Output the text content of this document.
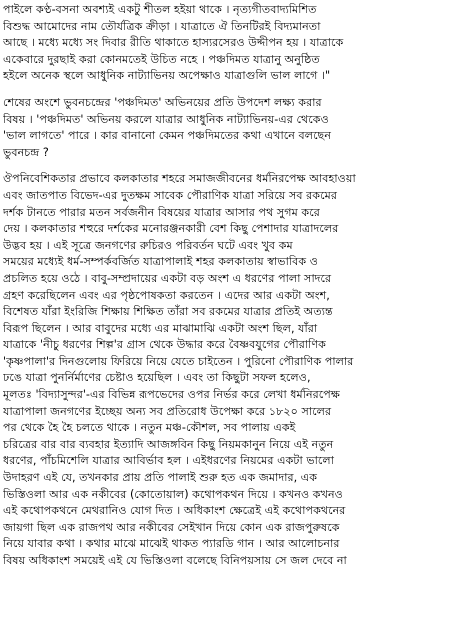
পাইলে কণ্ঠ-বসনা অবশ্যই একটু শীতল হইয়া থাকে । নৃত্যগীতবাদ্যমিশিত
বিশুদ্ধ আমোদের নাম তৌর্যত্রিক ক্রীড়া । যাত্রাতে ঐ তিনটিরই বিদ্যমানতা
আছে । মধ্যে মধ্যে সং দিবার রীতি থাকাতে হাস্যরসেরও উদ্দীপন হয় । যাত্রাকে
একেবারে দুরছাই করা কোনমতেই উচিত নহে । পঞ্চদিমত যাত্রানু অনুষ্ঠিত
হইলে অনেক স্থলে আধুনিক নাট্যাভিনয় অপেক্ষাও যাত্রাগুলি ভাল লাগে ।"
শেষের অংশে ভুবনচন্দ্রের 'পঞ্চদিমত' অভিনয়ের প্রতি উপদেশ লক্ষ্য করার
বিষয় । 'পঞ্চদিমত' অভিনয় করলে যাত্রার আধুনিক নাট্যাভিনয়-এর থেকেও
'ভাল লাগতে' পারে । কার বানানো কেমন পঞ্চদিমতের কথা এখানে বলছেন
ভুবনচন্দ্র ?
ঔপনিবেশিকতার প্রভাবে কলকাতার শহরে সমাজজীবনের ধর্মনিরপেক্ষ আবহাওয়া
এবং জাতপাত বিভেদ-এর দুতক্ষম সাবেক পৌরাণিক যাত্রা সরিয়ে সব রকমের
দর্শক টানতে পারার মতন সর্বজনীন বিষয়ের যাত্রার আসার পথ সুগম করে
দেয় । কলকাতার শহুরে দর্শকের মনোরঞ্জনকারী বেশ কিছু পেশাদার যাত্রাদলের
উদ্ভব হয় । এই সূত্রে জনগণের রুচিরও পরিবর্তন ঘটে এবং খুব কম
সময়ের মধ্যেই ধর্ম-সম্পর্কবর্জিত যাত্রাপালাই শহর কলকাতায় স্বাভাবিক ও
প্রচলিত হয়ে ওঠে । বাবু-সম্প্রদায়ের একটা বড় অংশ এ ধরণের পালা সাদরে
গ্রহণ করেছিলেন এবং এর পৃষ্ঠপোষকতা করতেন । এদের আর একটা অংশ,
বিশেষত যাঁরা ইংরিজি শিক্ষায় শিক্ষিত তাঁরা সব রকমের যাত্রার প্রতিই অত্যন্ত
বিরূপ ছিলেন । আর বাবুদের মধ্যে এর মাঝামাঝি একটা অংশ ছিল, যাঁরা
যাত্রাকে 'নীচু ধরণের শিল্প'র গ্রাস থেকে উদ্ধার করে বৈষ্ণবযুগের পৌরাণিক
'কৃষ্ণপালা'র দিনগুলোয় ফিরিয়ে নিয়ে যেতে চাইতেন । পুরিনো পৌরাণিক পালার
ঢঙে যাত্রা পুনর্নির্মাণের চেষ্টাও হয়েছিল । এবং তা কিছুটা সফল হলেও,
মূলতঃ 'বিদ্যাসুন্দর'-এর বিভিন্ন রূপভেদের ওপর নির্ভর করে লেখা ধর্মনিরপেক্ষ
যাত্রাপালা জনগণের ইচ্ছেয় অন্য সব প্রতিরোধ উপেক্ষা করে ১৮২০ সালের
পর থেকে হৈ হৈ চলতে থাকে । নতুন মঞ্চ-কৌশল, সব পালায় একই
চরিত্রের বার বার ব্যবহার ইত্যাদি আজঙ্গবিন কিছু নিয়মকানুন নিয়ে এই নতুন
ধরণের, পাঁচমিশেলি যাত্রার আবির্ভাব হল । এইধরণের নিয়মের একটা ভালো
উদাহরণ এই যে, তখনকার প্রায় প্রতি পালাই শুরু হত এক জমাদার, এক
ভিস্তিওলা আর এক নকীবের (কোতোয়াল) কথোপকথন দিয়ে । কখনও কখনও
এই কথোপকথনে মেথরানিও যোগ দিত । অধিকাংশ ক্ষেত্রেই এই কথোপকথনের
জায়গা ছিল এক রাজপথ আর নকীবের সেইখান দিয়ে কোন এক রাজপুরুষকে
নিয়ে যাবার কথা । কথার মাঝে মাঝেই থাকত প্যারডি গান । আর আলোচনার
বিষয় অধিকাংশ সময়েই এই যে ভিস্তিওলা বলেছে বিনিপয়সায় সে জল দেবে না
